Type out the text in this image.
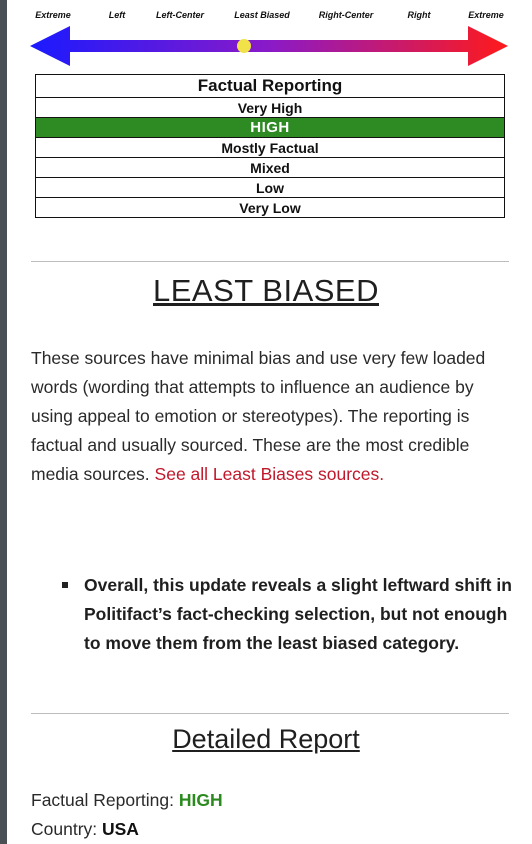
Extreme	Left	Left-Center	Least Biased	Right-Center	Right	Extreme
Factual Reporting
Very High
HIGH
Mostly Factual
Mixed
Low
Very Low
LEAST BIASED
These sources have minimal bias and use very few loaded words (wording that attempts to influence an audience by using appeal to emotion or stereotypes). The reporting is factual and usually sourced. These are the most credible media sources. See all Least Biases sources.
Overall, this update reveals a slight leftward shift in Politifact’s fact-checking selection, but not enough to move them from the least biased category.
Detailed Report
Factual Reporting: HIGH
Country: USA
